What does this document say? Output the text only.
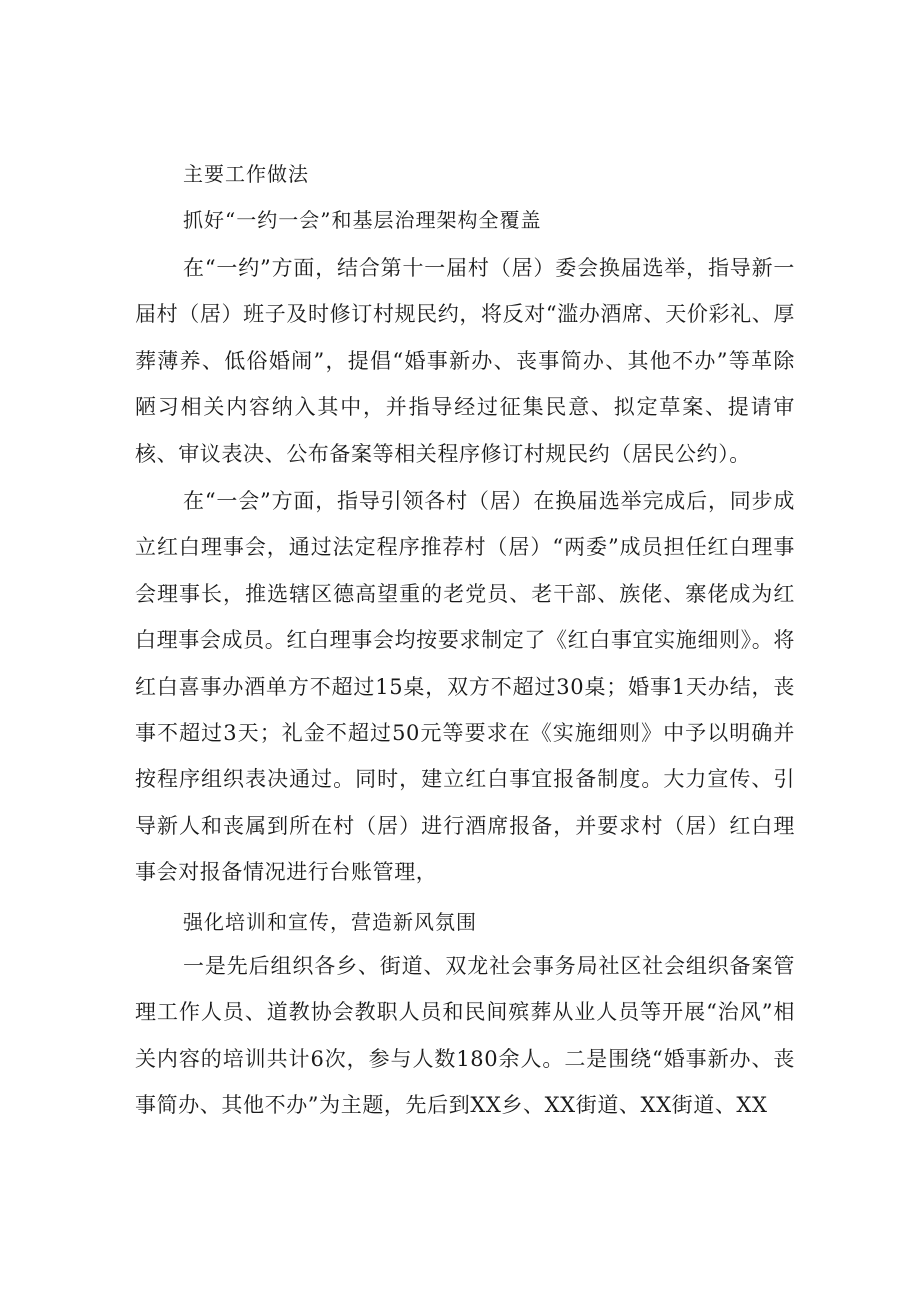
主要工作做法
抓好“一约一会”和基层治理架构全覆盖

在“一约”方面，结合第十一届村（居）委会换届选举，指导新一届村（居）班子及时修订村规民约，将反对“滥办酒席、天价彩礼、厚葬薄养、低俗婚闹”，提倡“婚事新办、丧事简办、其他不办”等革除陋习相关内容纳入其中，并指导经过征集民意、拟定草案、提请审核、审议表决、公布备案等相关程序修订村规民约（居民公约）。

在“一会”方面，指导引领各村（居）在换届选举完成后，同步成立红白理事会，通过法定程序推荐村（居）“两委”成员担任红白理事会理事长，推选辖区德高望重的老党员、老干部、族佬、寨佬成为红白理事会成员。红白理事会均按要求制定了《红白事宜实施细则》。将红白喜事办酒单方不超过15桌，双方不超过30桌；婚事1天办结，丧事不超过3天；礼金不超过50元等要求在《实施细则》中予以明确并按程序组织表决通过。同时，建立红白事宜报备制度。大力宣传、引导新人和丧属到所在村（居）进行酒席报备，并要求村（居）红白理事会对报备情况进行台账管理，

强化培训和宣传，营造新风氛围

一是先后组织各乡、街道、双龙社会事务局社区社会组织备案管理工作人员、道教协会教职人员和民间殡葬从业人员等开展“治风”相关内容的培训共计6次，参与人数180余人。二是围绕“婚事新办、丧事简办、其他不办”为主题，先后到XX乡、XX街道、XX街道、XX
